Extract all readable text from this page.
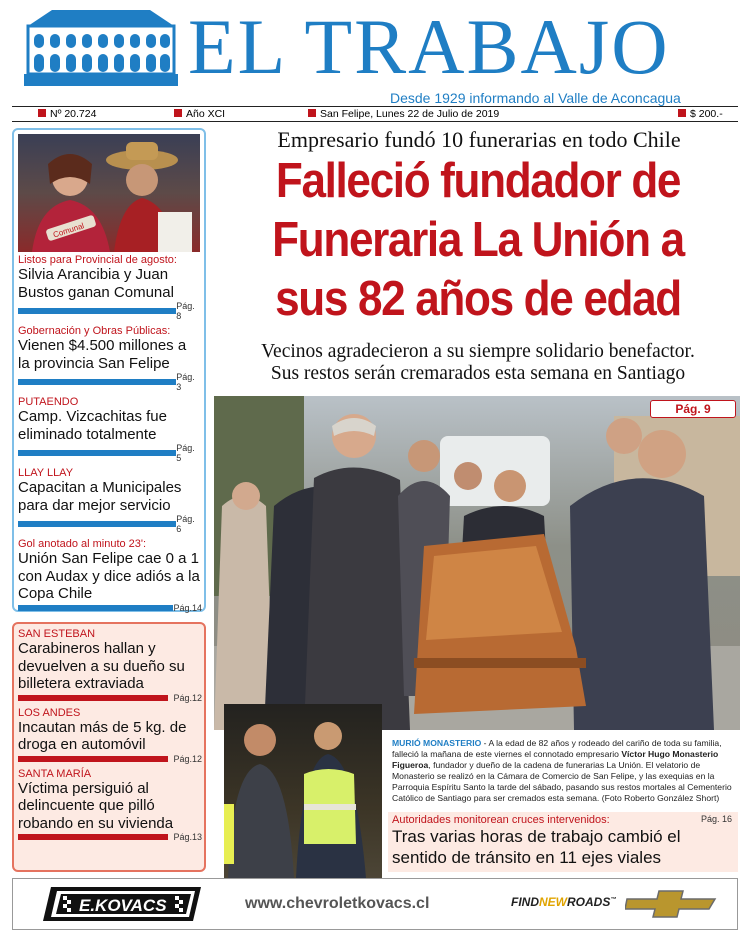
EL TRABAJO
Desde 1929 informando al Valle de Aconcagua
Nº 20.724	Año XCI	San Felipe, Lunes 22 de Julio de 2019	$ 200.-
Comunal
Listos para Provincial de agosto:
Silvia Arancibia y Juan Bustos ganan Comunal
Pág. 8
Gobernación y Obras Públicas:
Vienen $4.500 millones a la provincia San Felipe
Pág. 3
PUTAENDO
Camp. Vizcachitas fue eliminado totalmente
Pág. 5
LLAY LLAY
Capacitan a Municipales para dar mejor servicio
Pág. 6
Gol anotado al minuto 23':
Unión San Felipe cae 0 a 1 con Audax y dice adiós a la Copa Chile
Pág.14
SAN ESTEBAN
Carabineros hallan y devuelven a su dueño su billetera extraviada
Pág.12
LOS ANDES
Incautan más de 5 kg. de droga en automóvil
Pág.12
SANTA MARÍA
Víctima persiguió al delincuente que pilló robando en su vivienda
Pág.13
Empresario fundó 10 funerarias en todo Chile
Falleció fundador de
Funeraria La Unión a
sus 82 años de edad
Vecinos agradecieron a su siempre solidario benefactor.
Sus restos serán cremarados esta semana en Santiago
Pág. 9
MURIÓ MONASTERIO - A la edad de 82 años y rodeado del cariño de toda su familia, falleció la mañana de este viernes el connotado empresario Víctor Hugo Monasterio Figueroa, fundador y dueño de la cadena de funerarias La Unión. El velatorio de Monasterio se realizó en la Cámara de Comercio de San Felipe, y las exequias en la Parroquia Espíritu Santo la tarde del sábado, pasando sus restos mortales al Cementerio Católico de Santiago para ser cremados esta semana. (Foto Roberto González Short)
Autoridades monitorean cruces intervenidos:	Pág. 16
Tras varias horas de trabajo cambió el sentido de tránsito en 11 ejes viales
E.KOVACS	www.chevroletkovacs.cl	FINDNEWROADS™
